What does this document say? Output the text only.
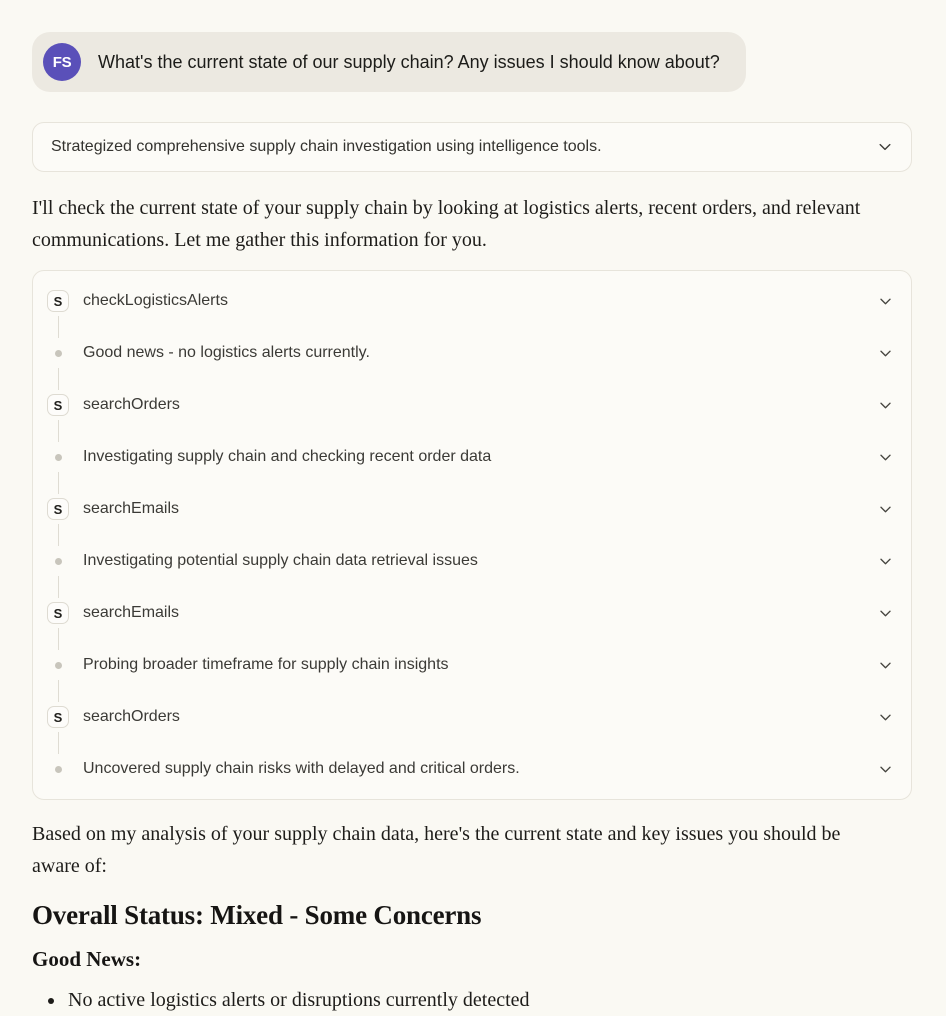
FS	What's the current state of our supply chain? Any issues I should know about?
Strategized comprehensive supply chain investigation using intelligence tools.

I'll check the current state of your supply chain by looking at logistics alerts, recent orders, and relevant communications. Let me gather this information for you.

S	checkLogisticsAlerts
Good news - no logistics alerts currently.
S	searchOrders
Investigating supply chain and checking recent order data
S	searchEmails
Investigating potential supply chain data retrieval issues
S	searchEmails
Probing broader timeframe for supply chain insights
S	searchOrders
Uncovered supply chain risks with delayed and critical orders.

Based on my analysis of your supply chain data, here's the current state and key issues you should be aware of:

Overall Status: Mixed - Some Concerns
Good News:
• No active logistics alerts or disruptions currently detected
